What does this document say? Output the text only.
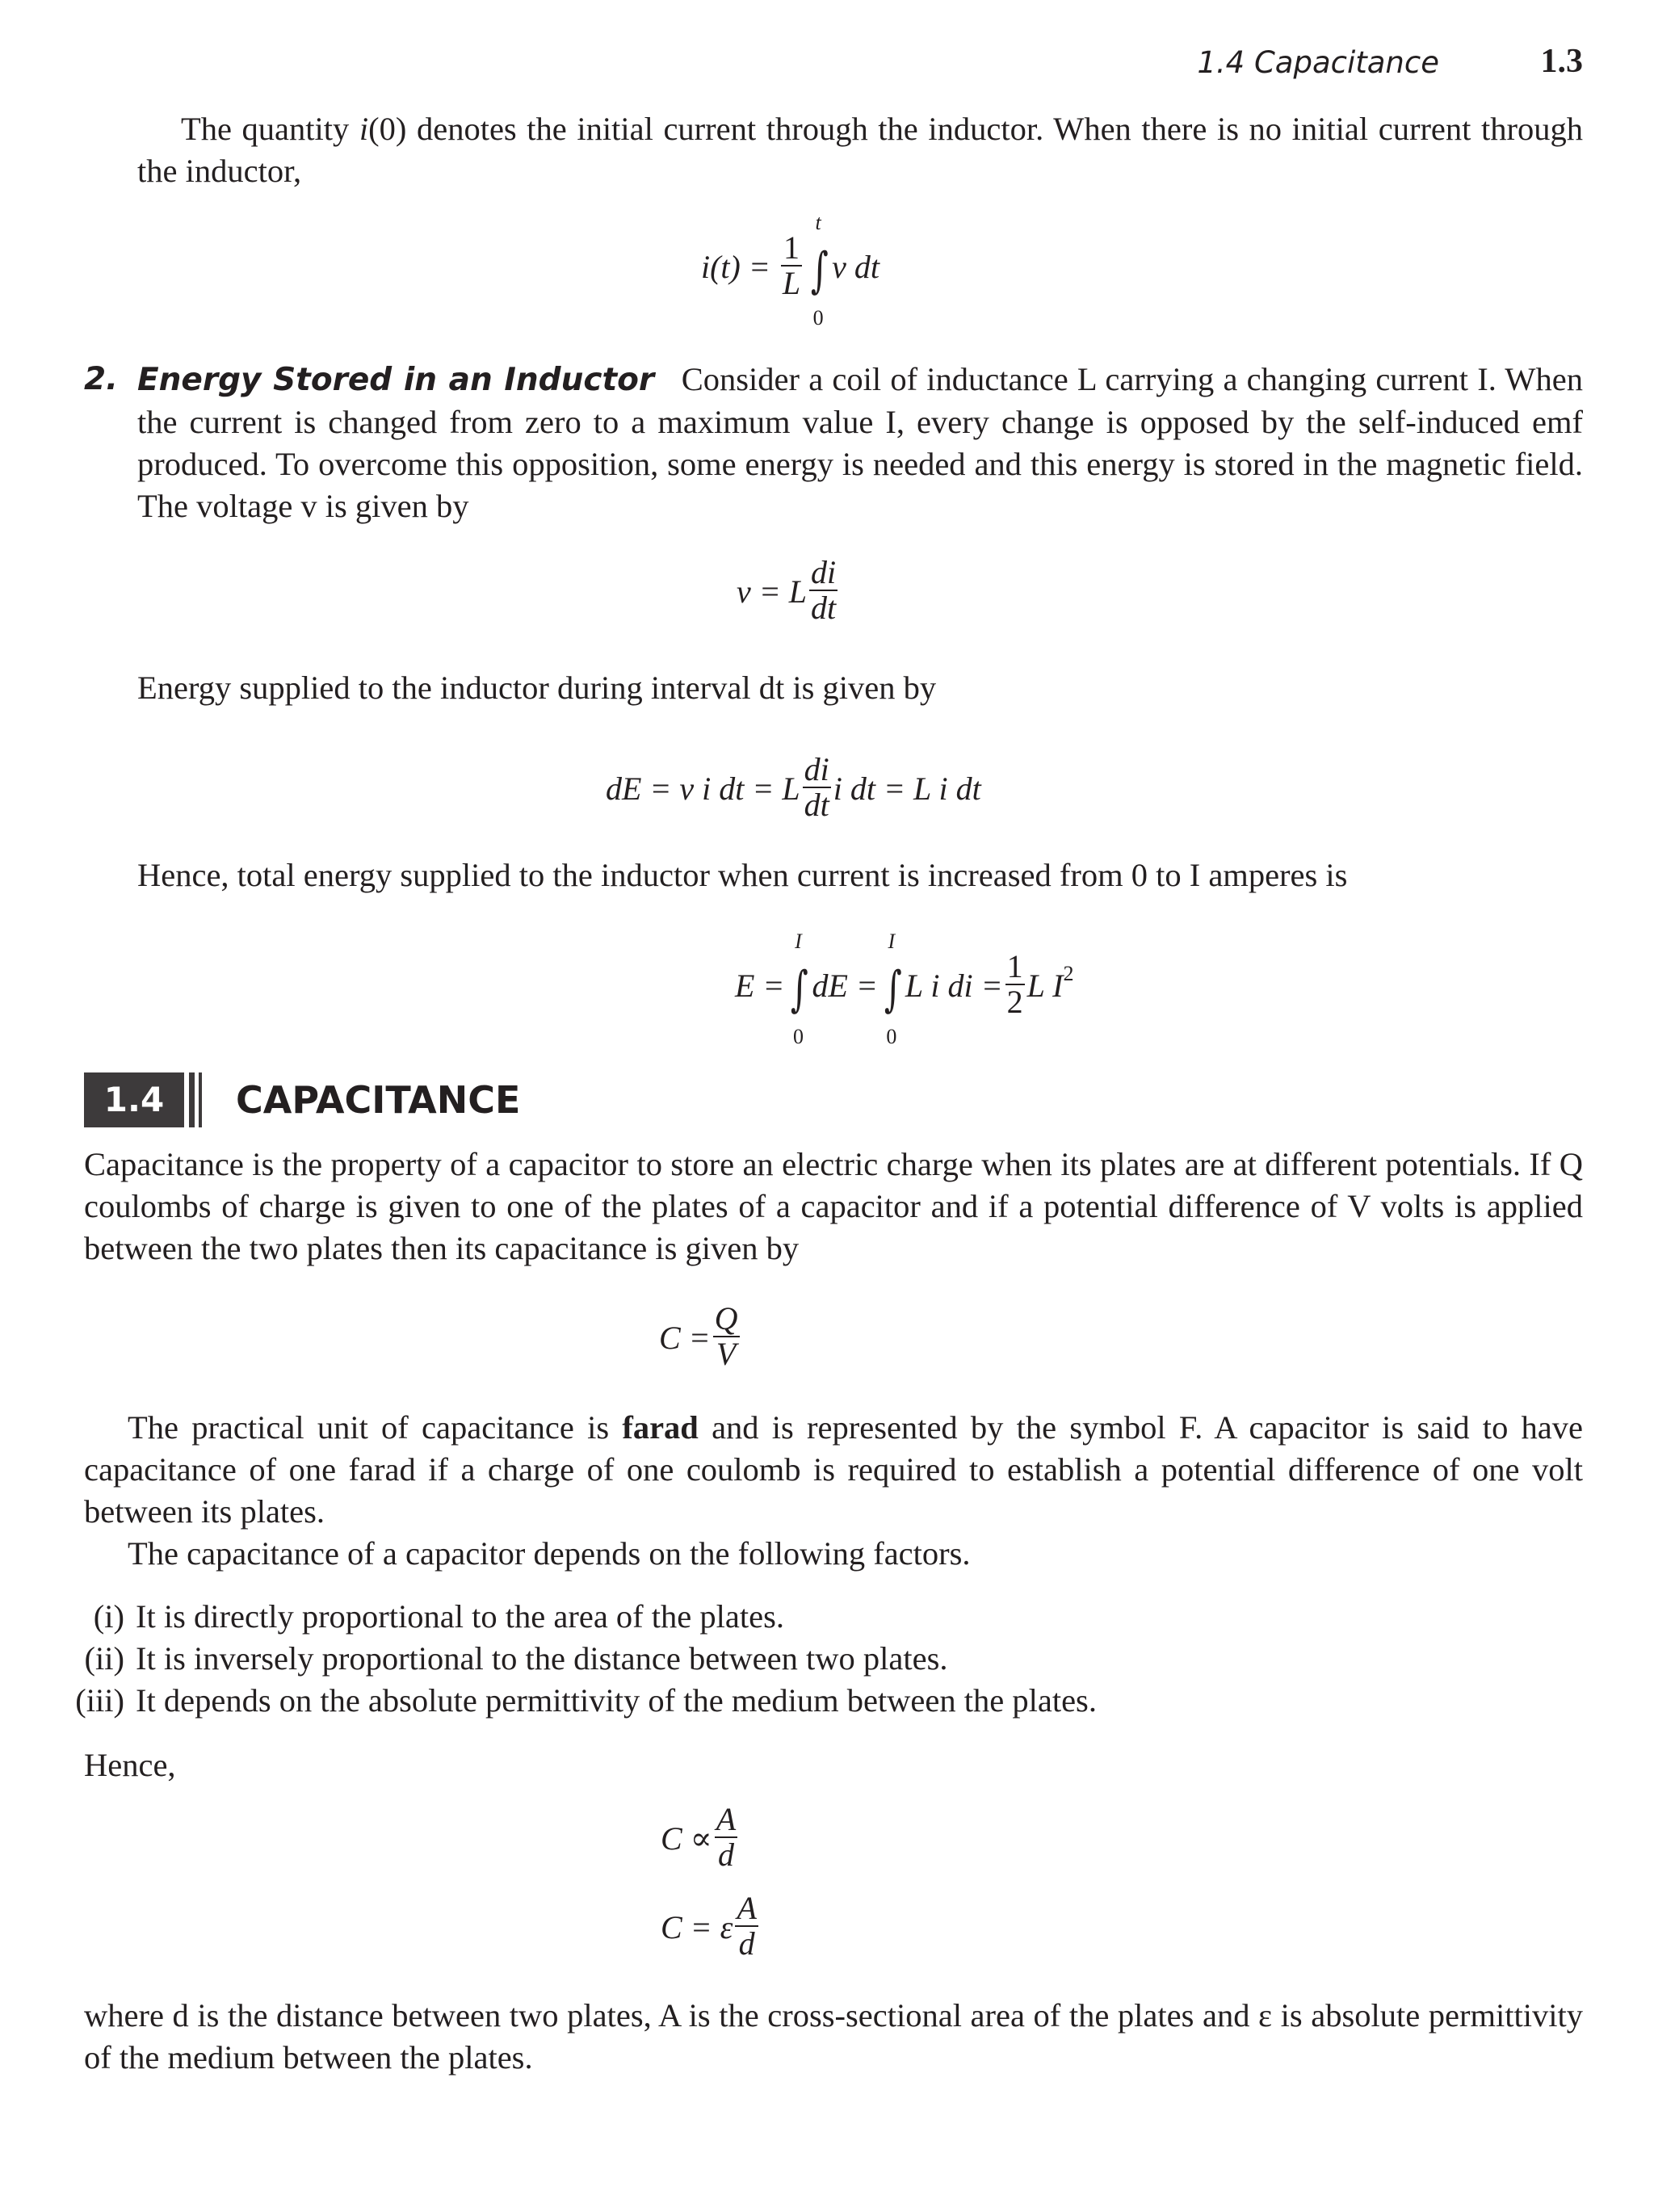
1.4 Capacitance	1.3

The quantity i(0) denotes the initial current through the inductor. When there is no initial current through the inductor,

$i(t) = \frac{1}{L}$
t
∫
0
v dt

2. Energy Stored in an Inductor Consider a coil of inductance L carrying a changing current I. When the current is changed from zero to a maximum value I, every change is opposed by the self-induced emf produced. To overcome this opposition, some energy is needed and this energy is stored in the magnetic field. The voltage v is given by

v = L $\frac{di}{dt}$

Energy supplied to the inductor during interval dt is given by

dE = v i dt = L $\frac{di}{dt}$ i dt = L i dt

Hence, total energy supplied to the inductor when current is increased from 0 to I amperes is

E =
I
∫
0
dE =
I
∫
0
L i di = $\frac{1}{2}$ L $I^2$
1.4	CAPACITANCE

Capacitance is the property of a capacitor to store an electric charge when its plates are at different potentials. If Q coulombs of charge is given to one of the plates of a capacitor and if a potential difference of V volts is applied between the two plates then its capacitance is given by

$C = \frac{Q}{V}$

The practical unit of capacitance is farad and is represented by the symbol F. A capacitor is said to have capacitance of one farad if a charge of one coulomb is required to establish a potential difference of one volt between its plates.

The capacitance of a capacitor depends on the following factors.

(i) It is directly proportional to the area of the plates.
(ii) It is inversely proportional to the distance between two plates.
(iii) It depends on the absolute permittivity of the medium between the plates.

Hence,

$C \propto \frac{A}{d}$
C = ε $\frac{A}{d}$

where d is the distance between two plates, A is the cross-sectional area of the plates and ε is absolute permittivity of the medium between the plates.
